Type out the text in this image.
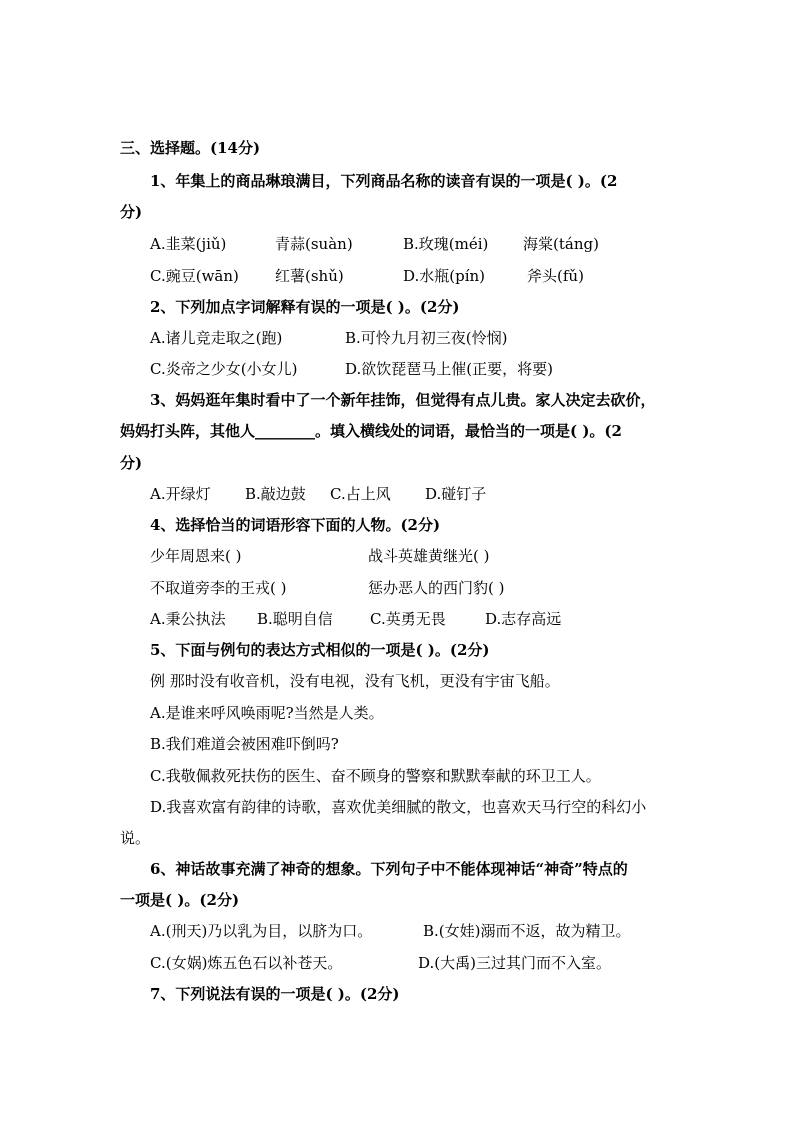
三、选择题。(14分)
1、年集上的商品琳琅满目，下列商品名称的读音有误的一项是( )。(2
分)
A.韭菜(jiǔ)	青蒜(suàn)	B.玫瑰(méi) 海棠(táng)
C.豌豆(wān) 红薯(shǔ)	D.水瓶(pín)	斧头(fǔ)
2、下列加点字词解释有误的一项是( )。(2分)
A.诸儿竞走取之(跑)	B.可怜九月初三夜(怜悯)
C.炎帝之少女(小女儿)	D.欲饮琵琶马上催(正要，将要)
3、妈妈逛年集时看中了一个新年挂饰，但觉得有点儿贵。家人决定去砍价，
妈妈打头阵，其他人________。填入横线处的词语，最恰当的一项是( )。(2
分)
A.开绿灯 B.敲边鼓 C.占上风 D.碰钉子
4、选择恰当的词语形容下面的人物。(2分)
少年周恩来( )	战斗英雄黄继光( )
不取道旁李的王戎( )	惩办恶人的西门豹( )
A.秉公执法 B.聪明自信 C.英勇无畏	D.志存高远
5、下面与例句的表达方式相似的一项是( )。(2分)
例 那时没有收音机，没有电视，没有飞机，更没有宇宙飞船。
A.是谁来呼风唤雨呢?当然是人类。
B.我们难道会被困难吓倒吗?
C.我敬佩救死扶伤的医生、奋不顾身的警察和默默奉献的环卫工人。
D.我喜欢富有韵律的诗歌，喜欢优美细腻的散文，也喜欢天马行空的科幻小
说。
6、神话故事充满了神奇的想象。下列句子中不能体现神话“神奇”特点的
一项是( )。(2分)
A.(刑天)乃以乳为目，以脐为口。	B.(女娃)溺而不返，故为精卫。
C.(女娲)炼五色石以补苍天。	D.(大禹)三过其门而不入室。
7、下列说法有误的一项是( )。(2分)
